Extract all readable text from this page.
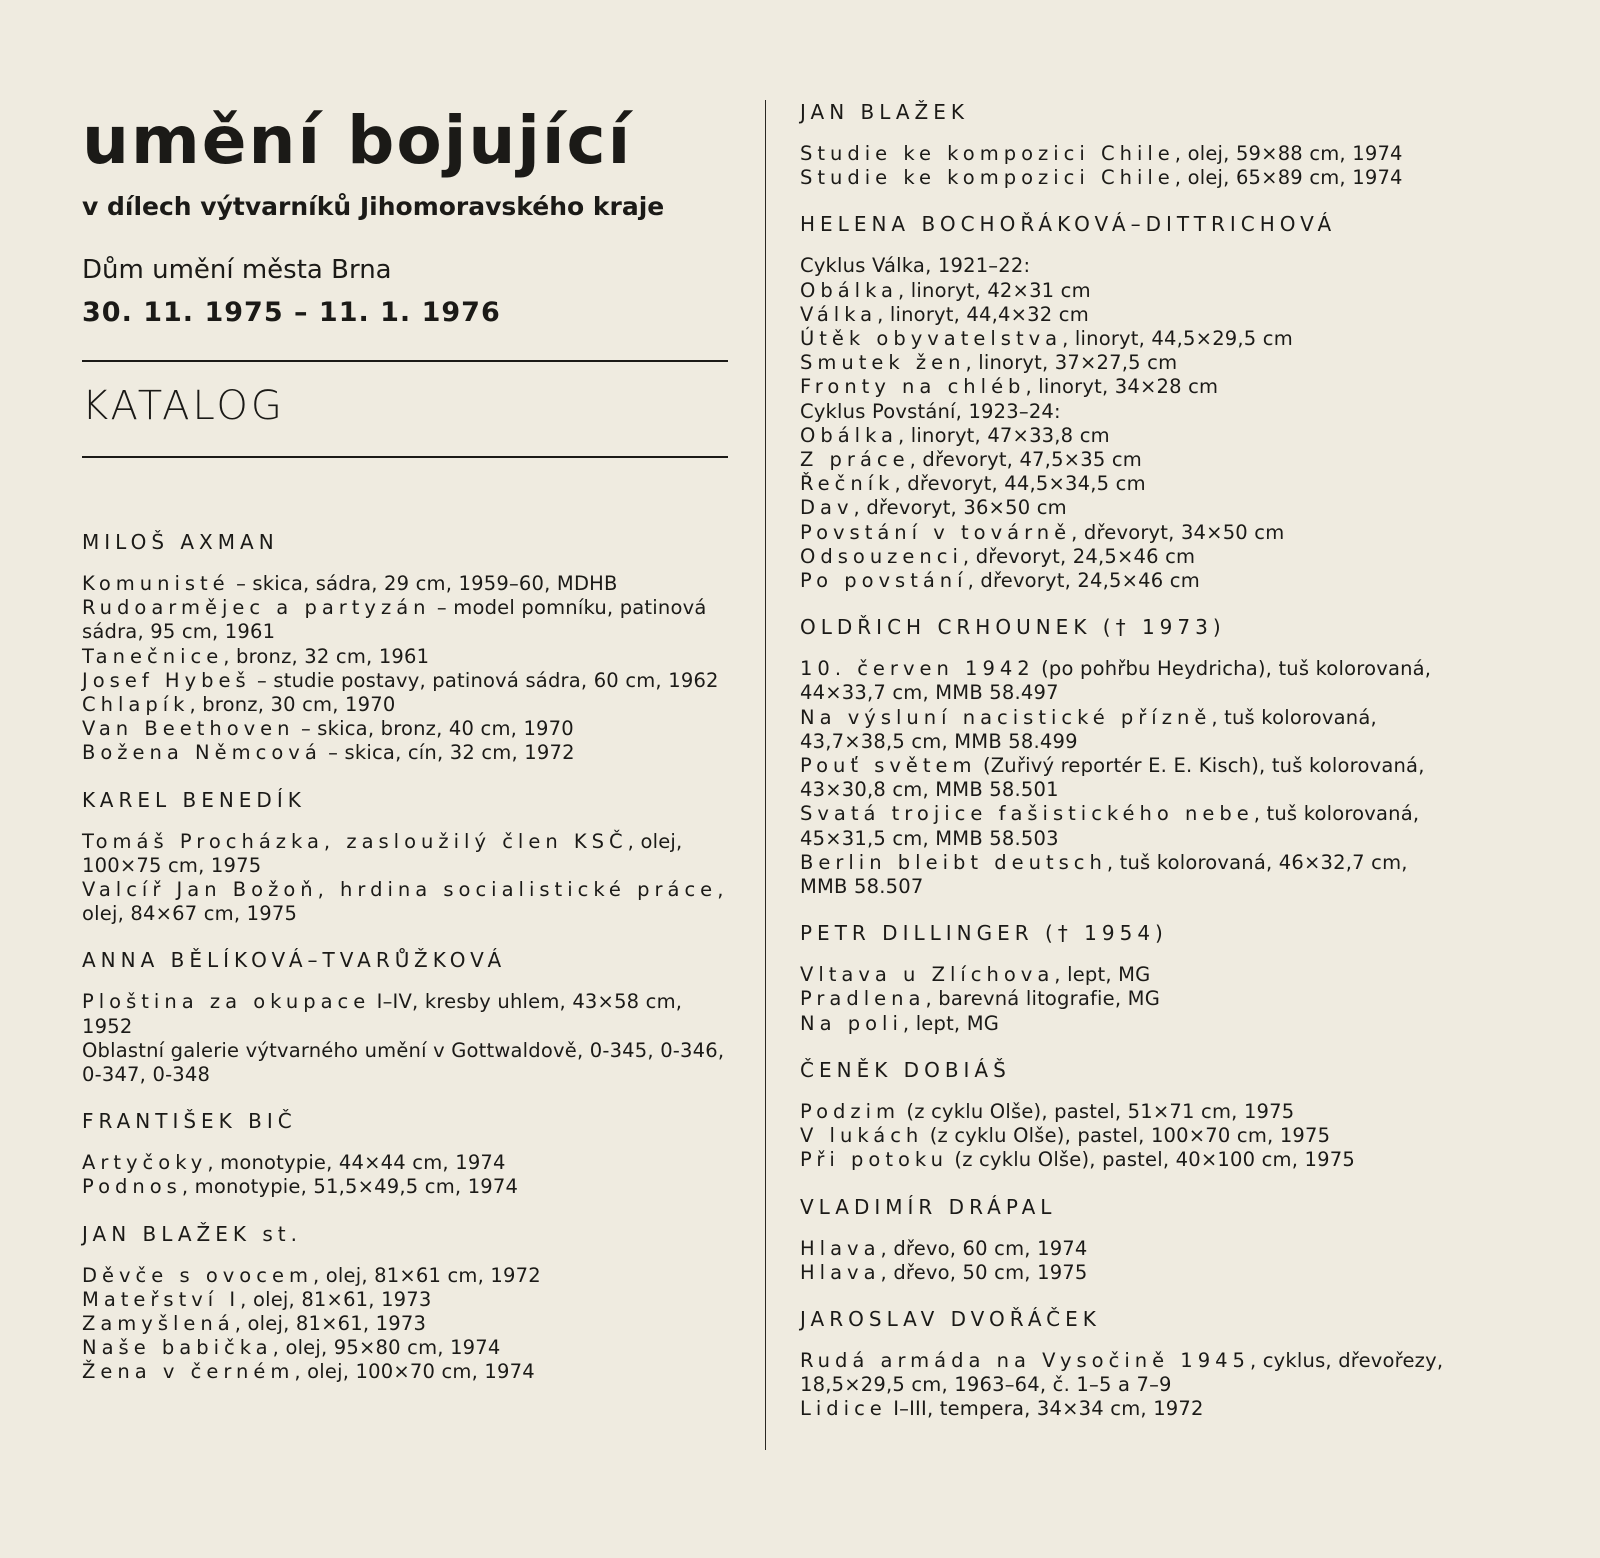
umění bojující
v dílech výtvarníků Jihomoravského kraje
Dům umění města Brna
30. 11. 1975 – 11. 1. 1976
KATALOG
MILOŠ AXMAN
Komunisté – skica, sádra, 29 cm, 1959–60, MDHB
Rudoarmějec a partyzán – model pomníku, patinová sádra, 95 cm, 1961
Tanečnice, bronz, 32 cm, 1961
Josef Hybeš – studie postavy, patinová sádra, 60 cm, 1962
Chlapík, bronz, 30 cm, 1970
Van Beethoven – skica, bronz, 40 cm, 1970
Božena Němcová – skica, cín, 32 cm, 1972
KAREL BENEDÍK
Tomáš Procházka, zasloužilý člen KSČ, olej, 100×75 cm, 1975
Valcíř Jan Božoň, hrdina socialistické práce, olej, 84×67 cm, 1975
ANNA BĚLÍKOVÁ–TVARŮŽKOVÁ
Ploština za okupace I–IV, kresby uhlem, 43×58 cm, 1952
Oblastní galerie výtvarného umění v Gottwaldově, 0-345, 0-346, 0-347, 0-348
FRANTIŠEK BIČ
Artyčoky, monotypie, 44×44 cm, 1974
Podnos, monotypie, 51,5×49,5 cm, 1974
JAN BLAŽEK st.
Děvče s ovocem, olej, 81×61 cm, 1972
Mateřství I, olej, 81×61, 1973
Zamyšlená, olej, 81×61, 1973
Naše babička, olej, 95×80 cm, 1974
Žena v černém, olej, 100×70 cm, 1974
JAN BLAŽEK
Studie ke kompozici Chile, olej, 59×88 cm, 1974
Studie ke kompozici Chile, olej, 65×89 cm, 1974
HELENA BOCHOŘÁKOVÁ–DITTRICHOVÁ
Cyklus Válka, 1921–22:
Obálka, linoryt, 42×31 cm
Válka, linoryt, 44,4×32 cm
Útěk obyvatelstva, linoryt, 44,5×29,5 cm
Smutek žen, linoryt, 37×27,5 cm
Fronty na chléb, linoryt, 34×28 cm
Cyklus Povstání, 1923–24:
Obálka, linoryt, 47×33,8 cm
Z práce, dřevoryt, 47,5×35 cm
Řečník, dřevoryt, 44,5×34,5 cm
Dav, dřevoryt, 36×50 cm
Povstání v továrně, dřevoryt, 34×50 cm
Odsouzenci, dřevoryt, 24,5×46 cm
Po povstání, dřevoryt, 24,5×46 cm
OLDŘICH CRHOUNEK († 1973)
10. červen 1942 (po pohřbu Heydricha), tuš kolorovaná, 44×33,7 cm, MMB 58.497
Na výsluní nacistické přízně, tuš kolorovaná, 43,7×38,5 cm, MMB 58.499
Pouť světem (Zuřivý reportér E. E. Kisch), tuš kolorovaná, 43×30,8 cm, MMB 58.501
Svatá trojice fašistického nebe, tuš kolorovaná, 45×31,5 cm, MMB 58.503
Berlin bleibt deutsch, tuš kolorovaná, 46×32,7 cm, MMB 58.507
PETR DILLINGER († 1954)
Vltava u Zlíchova, lept, MG
Pradlena, barevná litografie, MG
Na poli, lept, MG
ČENĚK DOBIÁŠ
Podzim (z cyklu Olše), pastel, 51×71 cm, 1975
V lukách (z cyklu Olše), pastel, 100×70 cm, 1975
Při potoku (z cyklu Olše), pastel, 40×100 cm, 1975
VLADIMÍR DRÁPAL
Hlava, dřevo, 60 cm, 1974
Hlava, dřevo, 50 cm, 1975
JAROSLAV DVOŘÁČEK
Rudá armáda na Vysočině 1945, cyklus, dřevořezy, 18,5×29,5 cm, 1963–64, č. 1–5 a 7–9
Lidice I–III, tempera, 34×34 cm, 1972
